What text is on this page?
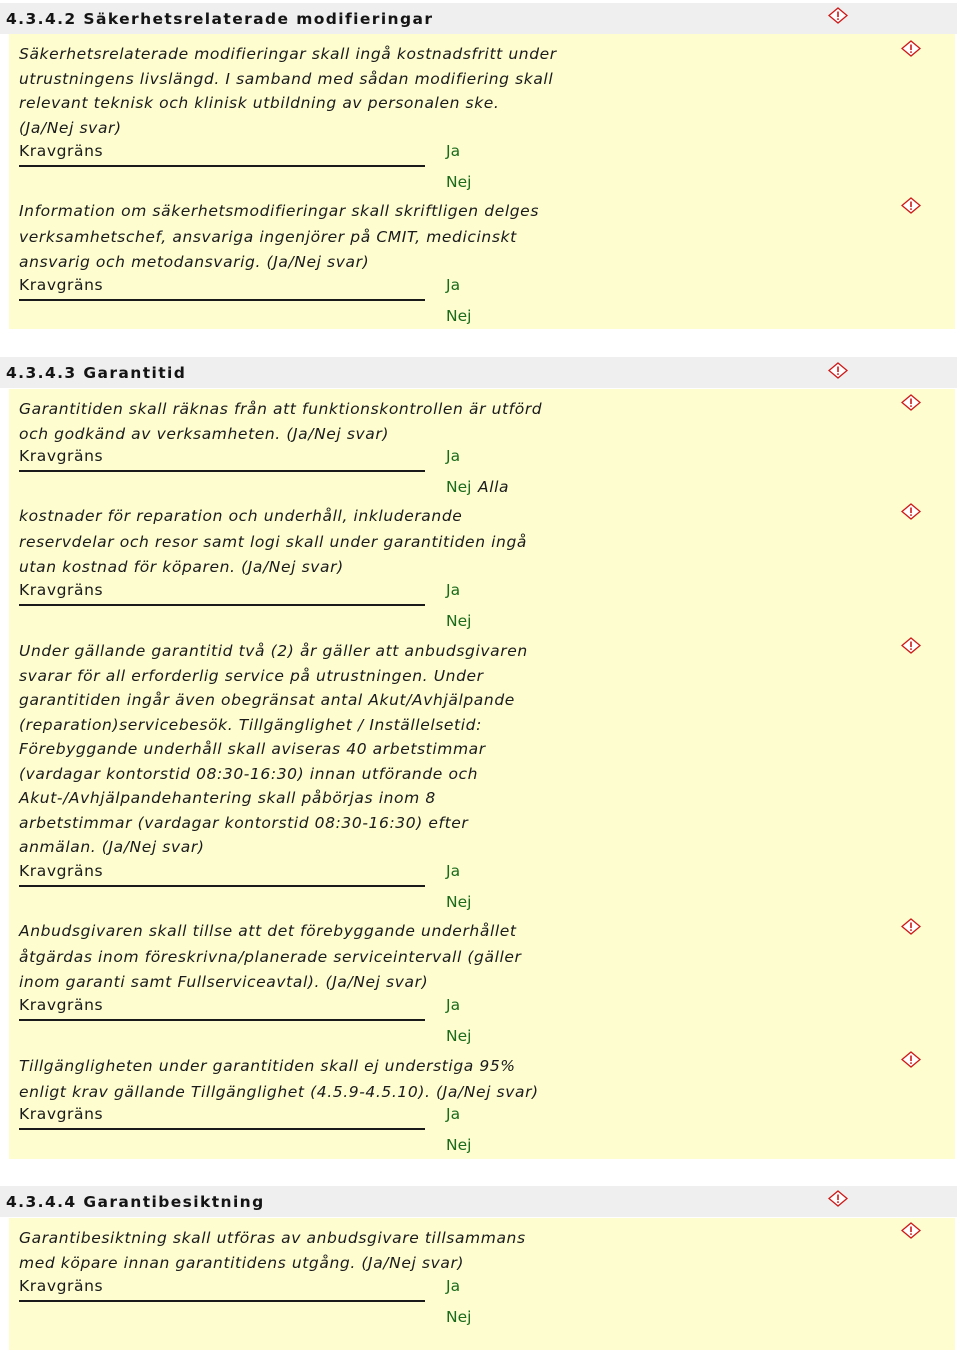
4.3.4.2 Säkerhetsrelaterade modifieringar

Säkerhetsrelaterade modifieringar skall ingå kostnadsfritt under
utrustningens livslängd. I samband med sådan modifiering skall
relevant teknisk och klinisk utbildning av personalen ske.
(Ja/Nej svar)

Kravgräns	Ja
Nej

Information om säkerhetsmodifieringar skall skriftligen delges
verksamhetschef, ansvariga ingenjörer på CMIT, medicinskt
ansvarig och metodansvarig. (Ja/Nej svar)

Kravgräns	Ja
Nej
4.3.4.3 Garantitid

Garantitiden skall räknas från att funktionskontrollen är utförd
och godkänd av verksamheten. (Ja/Nej svar)

Kravgräns	Ja
Nej Alla

kostnader för reparation och underhåll, inkluderande
reservdelar och resor samt logi skall under garantitiden ingå
utan kostnad för köparen. (Ja/Nej svar)

Kravgräns	Ja
Nej

Under gällande garantitid två (2) år gäller att anbudsgivaren
svarar för all erforderlig service på utrustningen. Under
garantitiden ingår även obegränsat antal Akut/Avhjälpande
(reparation)servicebesök. Tillgänglighet / Inställelsetid:
Förebyggande underhåll skall aviseras 40 arbetstimmar
(vardagar kontorstid 08:30-16:30) innan utförande och
Akut-/Avhjälpandehantering skall påbörjas inom 8
arbetstimmar (vardagar kontorstid 08:30-16:30) efter
anmälan. (Ja/Nej svar)

Kravgräns	Ja
Nej

Anbudsgivaren skall tillse att det förebyggande underhållet
åtgärdas inom föreskrivna/planerade serviceintervall (gäller
inom garanti samt Fullserviceavtal). (Ja/Nej svar)

Kravgräns	Ja
Nej

Tillgängligheten under garantitiden skall ej understiga 95%
enligt krav gällande Tillgänglighet (4.5.9-4.5.10). (Ja/Nej svar)

Kravgräns	Ja
Nej
4.3.4.4 Garantibesiktning

Garantibesiktning skall utföras av anbudsgivare tillsammans
med köpare innan garantitidens utgång. (Ja/Nej svar)

Kravgräns	Ja
Nej
